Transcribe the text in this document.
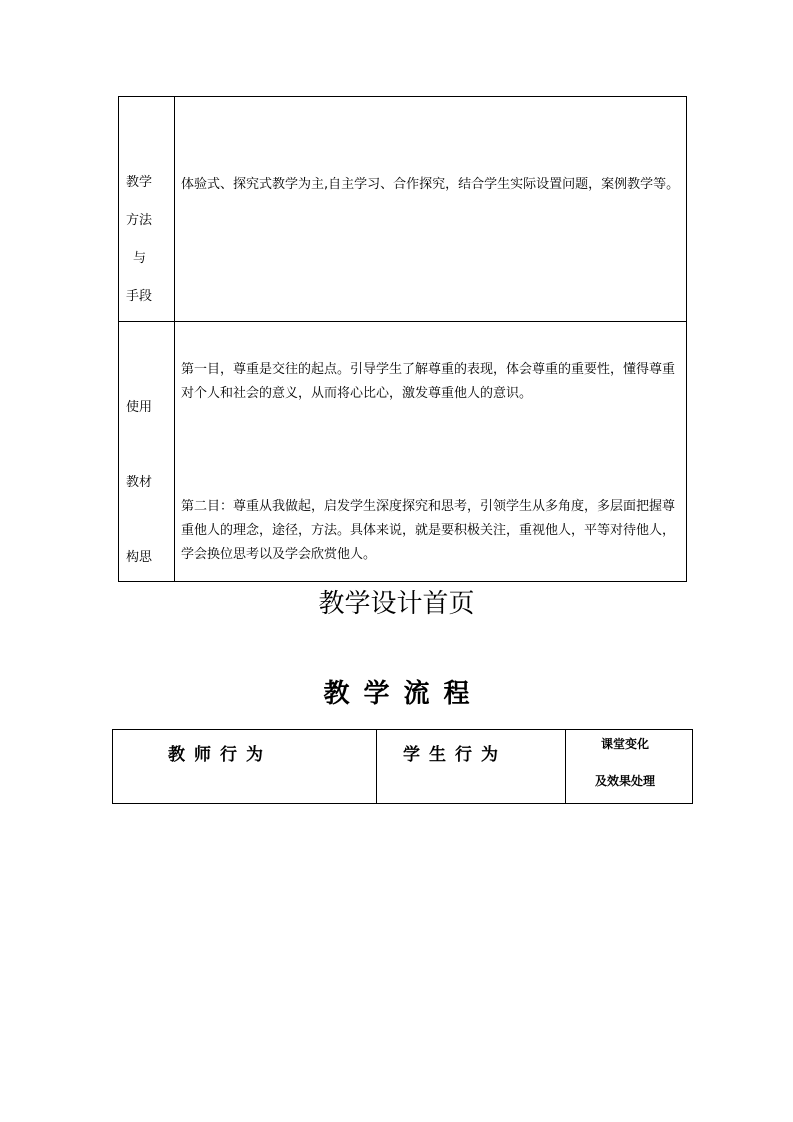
教学
方法
与
手段
体验式、探究式教学为主,自主学习、合作探究，结合学生实际设置问题，案例教学等。
使用
教材
构思
第一目，尊重是交往的起点。引导学生了解尊重的表现，体会尊重的重要性，懂得尊重对个人和社会的意义，从而将心比心，激发尊重他人的意识。
第二目：尊重从我做起，启发学生深度探究和思考，引领学生从多角度，多层面把握尊重他人的理念，途径，方法。具体来说，就是要积极关注，重视他人，平等对待他人，学会换位思考以及学会欣赏他人。
教学设计首页
教学流程
教师行为	学生行为
课堂变化
及效果处理
